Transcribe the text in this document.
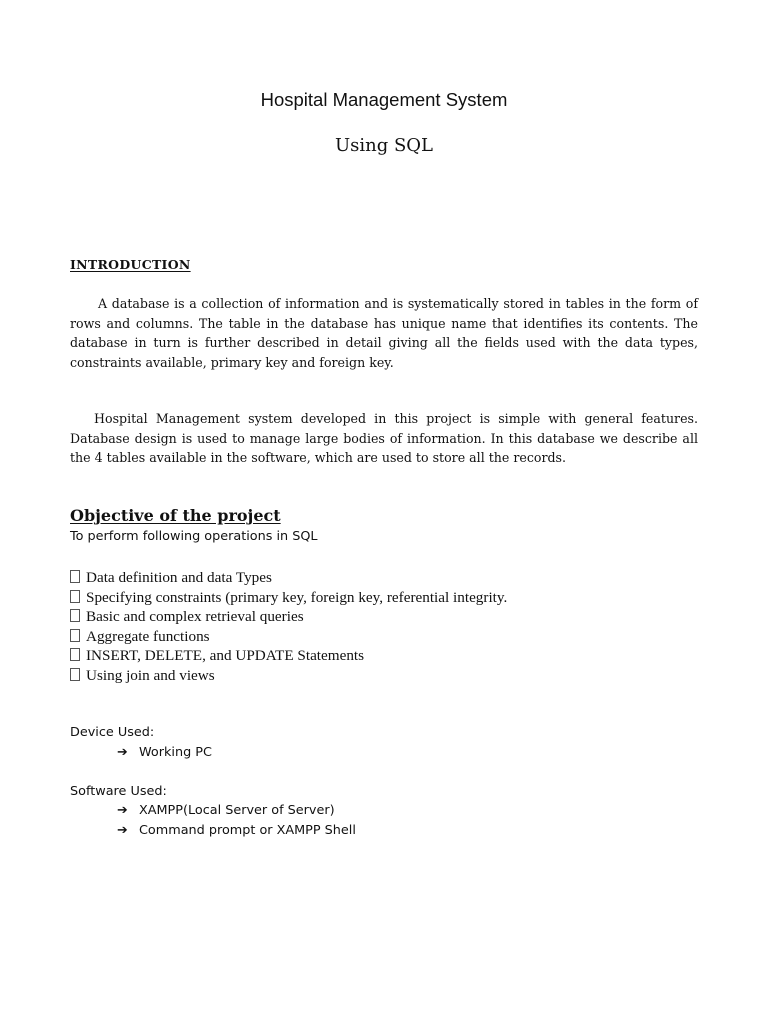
Hospital Management System
Using SQL
INTRODUCTION

A database is a collection of information and is systematically stored in tables in the form of rows and columns. The table in the database has unique name that identifies its contents. The database in turn is further described in detail giving all the fields used with the data types, constraints available, primary key and foreign key.

Hospital Management system developed in this project is simple with general features. Database design is used to manage large bodies of information. In this database we describe all the 4 tables available in the software, which are used to store all the records.

Objective of the project
To perform following operations in SQL
Data definition and data Types
Specifying constraints (primary key, foreign key, referential integrity.
Basic and complex retrieval queries
Aggregate functions
INSERT, DELETE, and UPDATE Statements
Using join and views
Device Used:
➔ Working PC
Software Used:
➔ XAMPP(Local Server of Server)
➔ Command prompt or XAMPP Shell
